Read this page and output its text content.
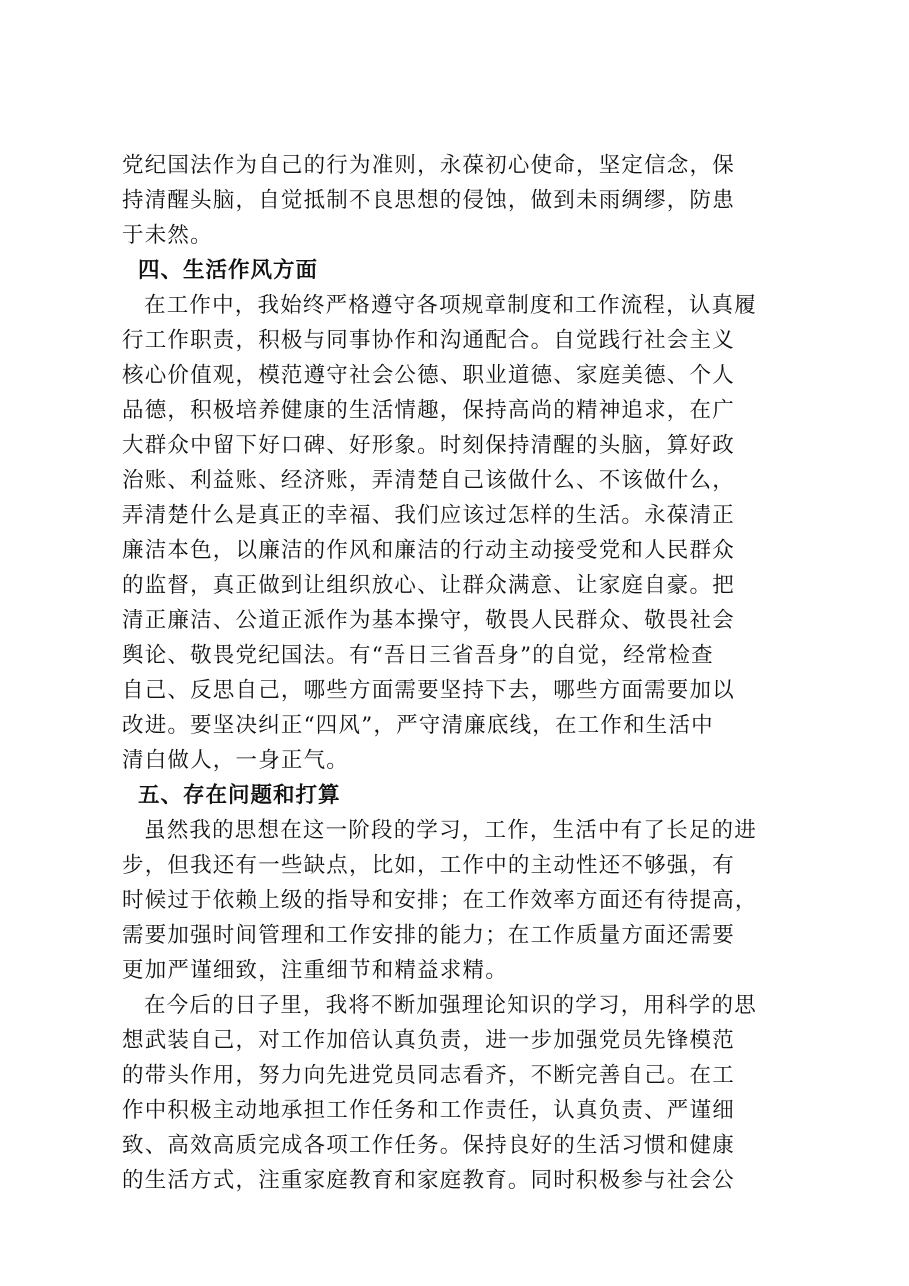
党纪国法作为自己的行为准则，永葆初心使命，坚定信念，保
持清醒头脑，自觉抵制不良思想的侵蚀，做到未雨绸缪，防患
于未然。
四、生活作风方面
在工作中，我始终严格遵守各项规章制度和工作流程，认真履
行工作职责，积极与同事协作和沟通配合。自觉践行社会主义
核心价值观，模范遵守社会公德、职业道德、家庭美德、个人
品德，积极培养健康的生活情趣，保持高尚的精神追求，在广
大群众中留下好口碑、好形象。时刻保持清醒的头脑，算好政
治账、利益账、经济账，弄清楚自己该做什么、不该做什么，
弄清楚什么是真正的幸福、我们应该过怎样的生活。永葆清正
廉洁本色，以廉洁的作风和廉洁的行动主动接受党和人民群众
的监督，真正做到让组织放心、让群众满意、让家庭自豪。把
清正廉洁、公道正派作为基本操守，敬畏人民群众、敬畏社会
舆论、敬畏党纪国法。有“吾日三省吾身”的自觉，经常检查
自己、反思自己，哪些方面需要坚持下去，哪些方面需要加以
改进。要坚决纠正“四风”，严守清廉底线，在工作和生活中
清白做人，一身正气。
五、存在问题和打算
虽然我的思想在这一阶段的学习，工作，生活中有了长足的进
步，但我还有一些缺点，比如，工作中的主动性还不够强，有
时候过于依赖上级的指导和安排；在工作效率方面还有待提高，
需要加强时间管理和工作安排的能力；在工作质量方面还需要
更加严谨细致，注重细节和精益求精。
在今后的日子里，我将不断加强理论知识的学习，用科学的思
想武装自己，对工作加倍认真负责，进一步加强党员先锋模范
的带头作用，努力向先进党员同志看齐，不断完善自己。在工
作中积极主动地承担工作任务和工作责任，认真负责、严谨细
致、高效高质完成各项工作任务。保持良好的生活习惯和健康
的生活方式，注重家庭教育和家庭教育。同时积极参与社会公
